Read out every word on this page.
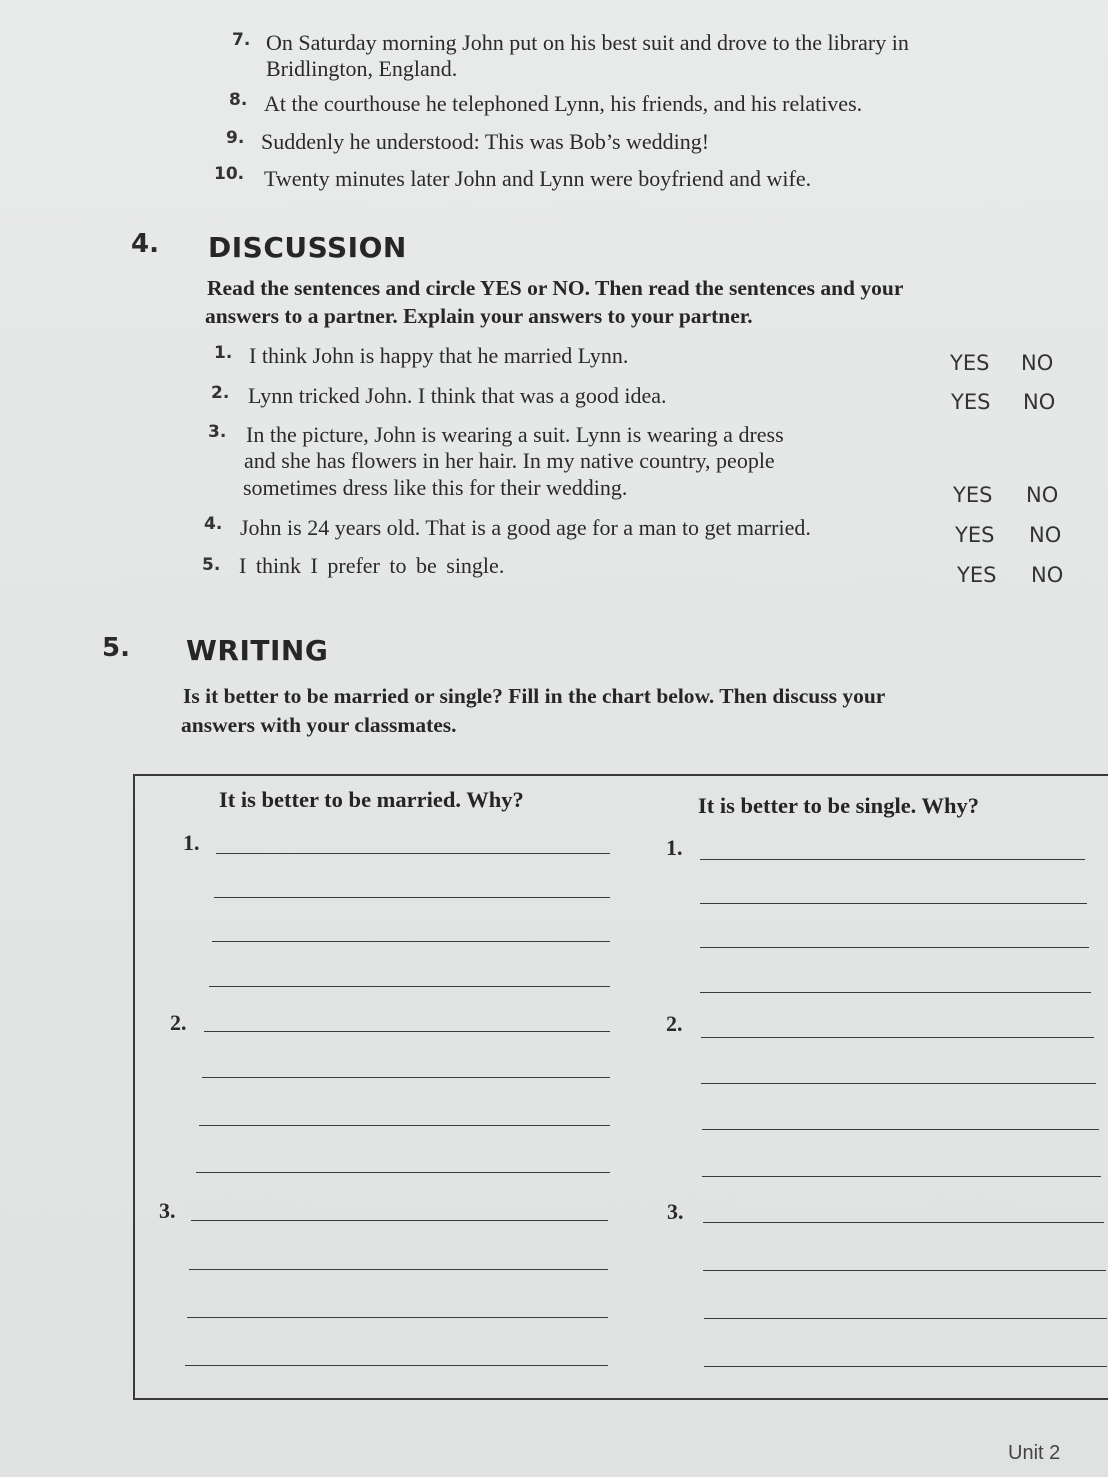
7. On Saturday morning John put on his best suit and drove to the library in
Bridlington, England.
8. At the courthouse he telephoned Lynn, his friends, and his relatives.
9. Suddenly he understood: This was Bob’s wedding!
10. Twenty minutes later John and Lynn were boyfriend and wife.
4. DISCUSSION
Read the sentences and circle YES or NO. Then read the sentences and your
answers to a partner. Explain your answers to your partner.
1. I think John is happy that he married Lynn.	YES NO
2. Lynn tricked John. I think that was a good idea.	YES NO
3. In the picture, John is wearing a suit. Lynn is wearing a dress
and she has flowers in her hair. In my native country, people
sometimes dress like this for their wedding.	YES NO
4. John is 24 years old. That is a good age for a man to get married.	YES NO
5. I think I prefer to be single.	YES NO
5. WRITING
Is it better to be married or single? Fill in the chart below. Then discuss your
answers with your classmates.
It is better to be married. Why?	It is better to be single. Why?
1.
2.
3.
1.
2.
3.
Unit 2
